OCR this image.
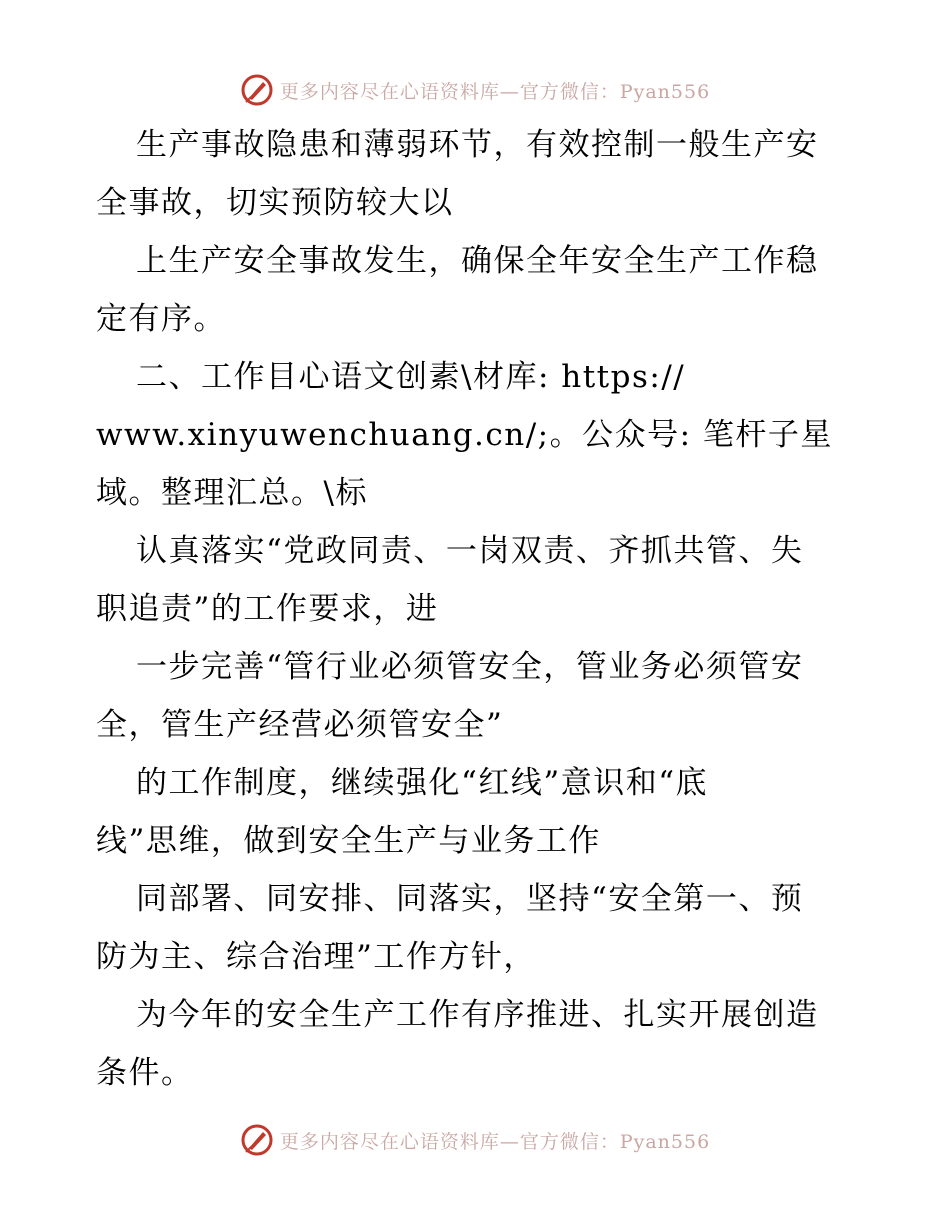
更多内容尽在心语资料库—官方微信：Pyan556
生产事故隐患和薄弱环节，有效控制一般生产安
全事故，切实预防较大以
上生产安全事故发生，确保全年安全生产工作稳
定有序。
二、工作目心语文创素\材库: https://
www.xinyuwenchuang.cn/;。公众号: 笔杆子星
域。整理汇总。\标
认真落实“党政同责、一岗双责、齐抓共管、失
职追责”的工作要求，进
一步完善“管行业必须管安全，管业务必须管安
全，管生产经营必须管安全”
的工作制度，继续强化“红线”意识和“底
线”思维，做到安全生产与业务工作
同部署、同安排、同落实，坚持“安全第一、预
防为主、综合治理”工作方针，
为今年的安全生产工作有序推进、扎实开展创造
条件。
更多内容尽在心语资料库—官方微信：Pyan556
